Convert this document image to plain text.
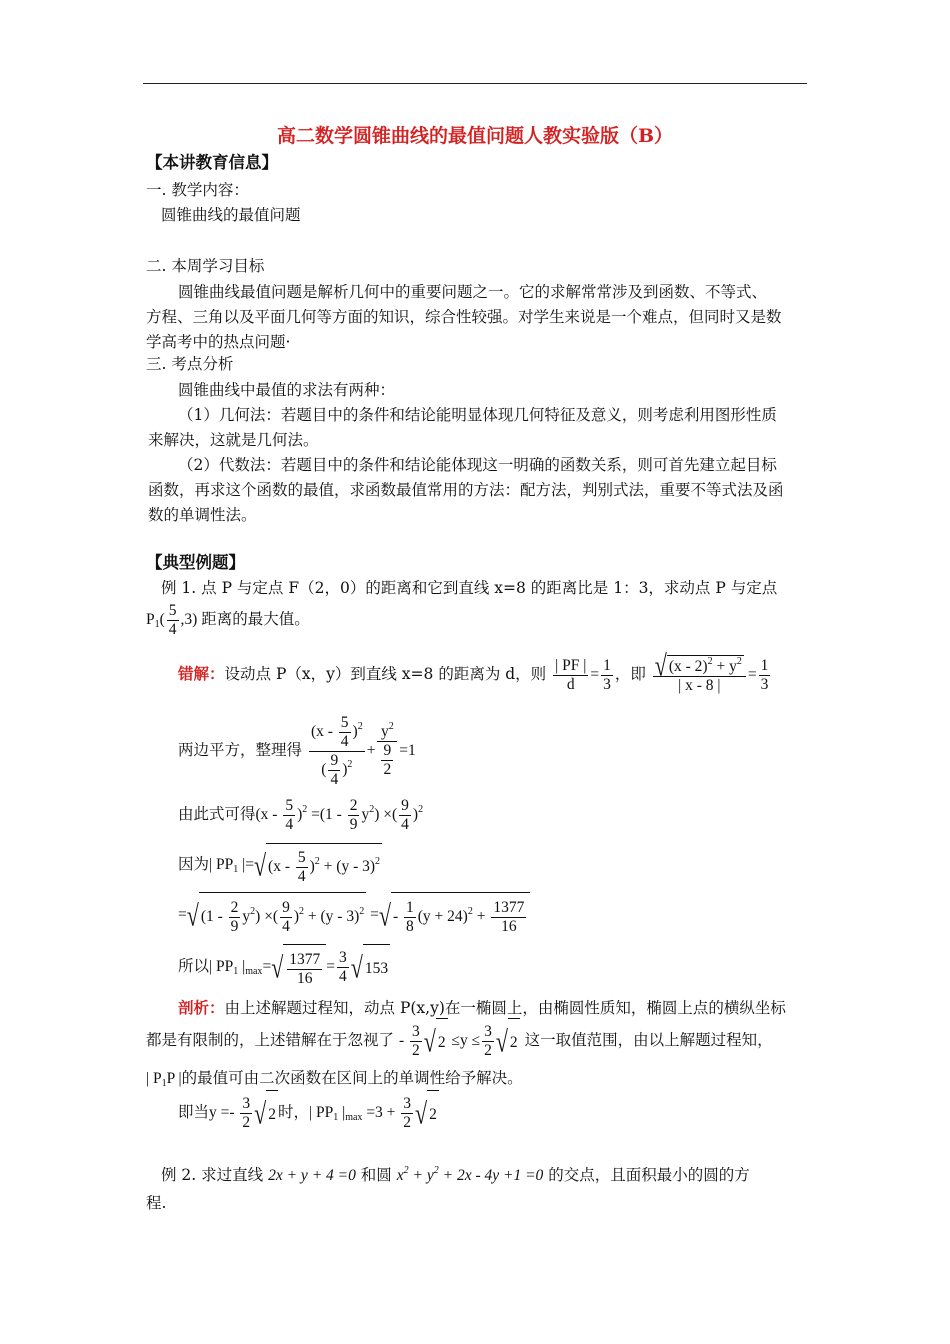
高二数学圆锥曲线的最值问题人教实验版（B）
【本讲教育信息】
一. 教学内容：
圆锥曲线的最值问题
二. 本周学习目标
圆锥曲线最值问题是解析几何中的重要问题之一。它的求解常常涉及到函数、不等式、
方程、三角以及平面几何等方面的知识，综合性较强。对学生来说是一个难点，但同时又是数
学高考中的热点问题·
三. 考点分析
圆锥曲线中最值的求法有两种：
（1）几何法：若题目中的条件和结论能明显体现几何特征及意义，则考虑利用图形性质
来解决，这就是几何法。
（2）代数法：若题目中的条件和结论能体现这一明确的函数关系，则可首先建立起目标
函数，再求这个函数的最值，求函数最值常用的方法：配方法，判别式法，重要不等式法及函
数的单调性法。
【典型例题】
例 1. 点 P 与定点 F（2，0）的距离和它到直线 x=8 的距离比是 1：3，求动点 P 与定点
$P_1( \frac{5}{4} ,3)$ 距离的最大值。
错解：设动点 P（x，y）到直线 x=8 的距离为 d，则 $\frac{| PF |}{d} = \frac{1}{3}$ ，即 $\frac{√ (x - 2)^2 + y^2}{| x - 8 |} = \frac{1}{3}$
两边平方，整理得 $\frac{(x - \frac{5}{4} )^2}{( \frac{9}{4} )^2} + \frac{y^2}{\frac{9}{2}} =1$
由此式可得$(x - \frac{5}{4} )^2 =(1 - \frac{2}{9} y^2)$ ×( $\frac{9}{4} )^2$
因为| $PP_1$ |=√ $(x - \frac{5}{4} )^2 + (y - 3)^2$
=√ $(1 - \frac{2}{9} y^2)$ ×( $\frac{9}{4} )^2 + (y - 3)^2$ =√ - $\frac{1}{8} (y + 24)^2 + \frac{1377}{16}$
所以| $PP_1$ $|_{max}=√ \frac{1377}{16} = \frac{3}{4}$ √ 153
剖析：由上述解题过程知，动点 P(x,y)在一椭圆上，由椭圆性质知，椭圆上点的横纵坐标
都是有限制的，上述错解在于忽视了 - $\frac{3}{2}$ √ $2 \le y \le \frac{3}{2}$ √ 2 这一取值范围，由以上解题过程知，
| $P_1P$ |的最值可由二次函数在区间上的单调性给予解决。
即当$y =- \frac{3}{2}$ √ 2 时，| $PP_1$ $|_{max} =3 + \frac{3}{2}$ √ 2
例 2. 求过直线 2x + y + 4 =0 和圆 $x^2 + y^2 + 2x - 4y +1 =0$ 的交点，且面积最小的圆的方
程.
